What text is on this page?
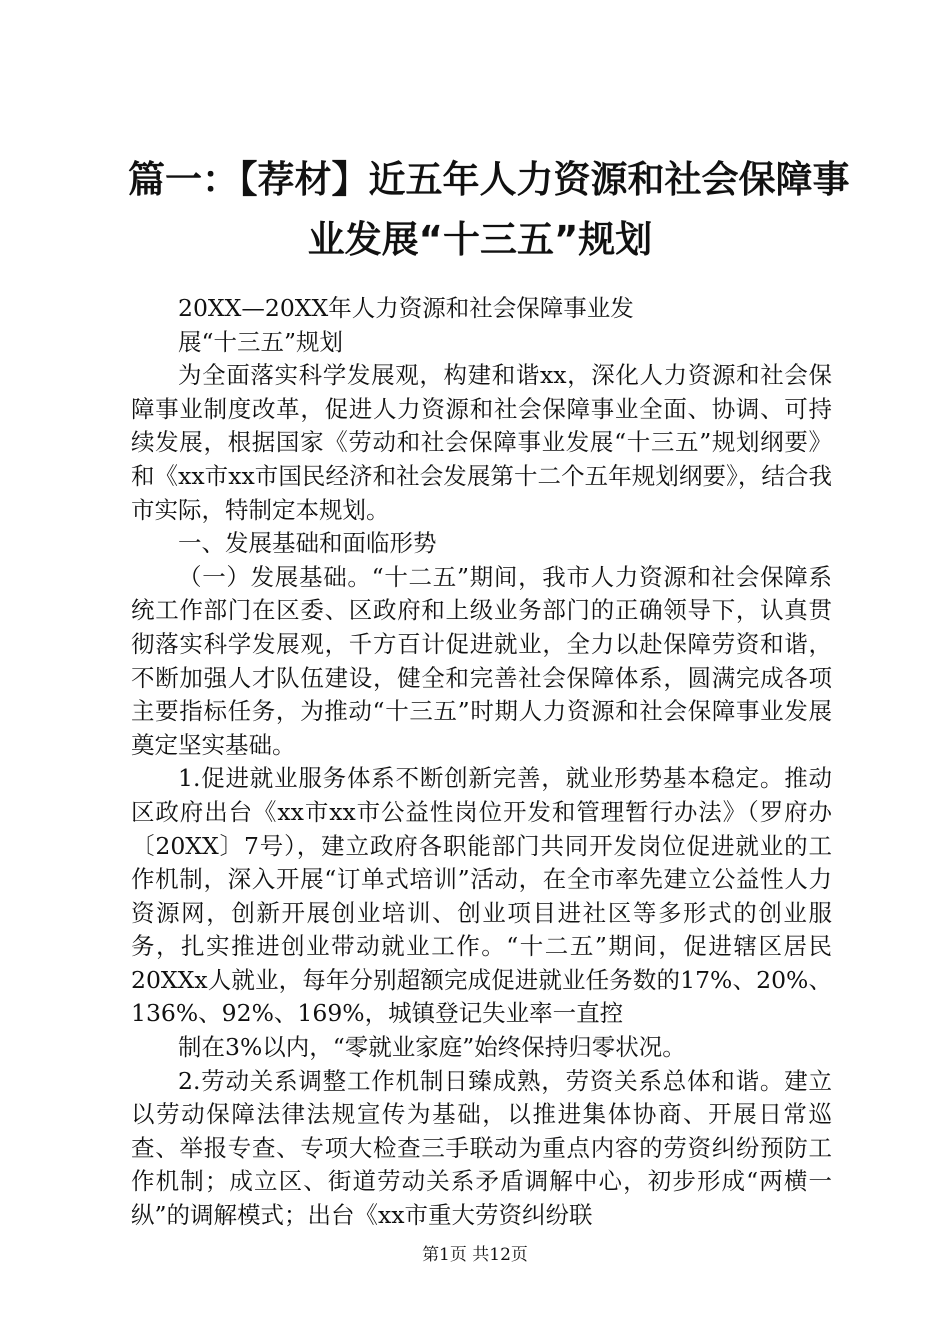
篇一：【荐材】近五年人力资源和社会保障事
业发展“十三五”规划

20XX—20XX年人力资源和社会保障事业发

展“十三五”规划

为全面落实科学发展观，构建和谐xx，深化人力资源和社会保障事业制度改革，促进人力资源和社会保障事业全面、协调、可持续发展，根据国家《劳动和社会保障事业发展“十三五”规划纲要》和《xx市xx市国民经济和社会发展第十二个五年规划纲要》，结合我市实际，特制定本规划。

一、发展基础和面临形势

（一）发展基础。“十二五”期间，我市人力资源和社会保障系统工作部门在区委、区政府和上级业务部门的正确领导下，认真贯彻落实科学发展观，千方百计促进就业，全力以赴保障劳资和谐，不断加强人才队伍建设，健全和完善社会保障体系，圆满完成各项主要指标任务，为推动“十三五”时期人力资源和社会保障事业发展奠定坚实基础。

1.促进就业服务体系不断创新完善，就业形势基本稳定。推动区政府出台《xx市xx市公益性岗位开发和管理暂行办法》（罗府办〔20XX〕7号），建立政府各职能部门共同开发岗位促进就业的工作机制，深入开展“订单式培训”活动，在全市率先建立公益性人力资源网，创新开展创业培训、创业项目进社区等多形式的创业服务，扎实推进创业带动就业工作。“十二五”期间，促进辖区居民20XXx人就业，每年分别超额完成促进就业任务数的17%、20%、136%、92%、169%，城镇登记失业率一直控

制在3%以内，“零就业家庭”始终保持归零状况。

2.劳动关系调整工作机制日臻成熟，劳资关系总体和谐。建立以劳动保障法律法规宣传为基础，以推进集体协商、开展日常巡查、举报专查、专项大检查三手联动为重点内容的劳资纠纷预防工作机制；成立区、街道劳动关系矛盾调解中心，初步形成“两横一纵”的调解模式；出台《xx市重大劳资纠纷联

第1页 共12页
